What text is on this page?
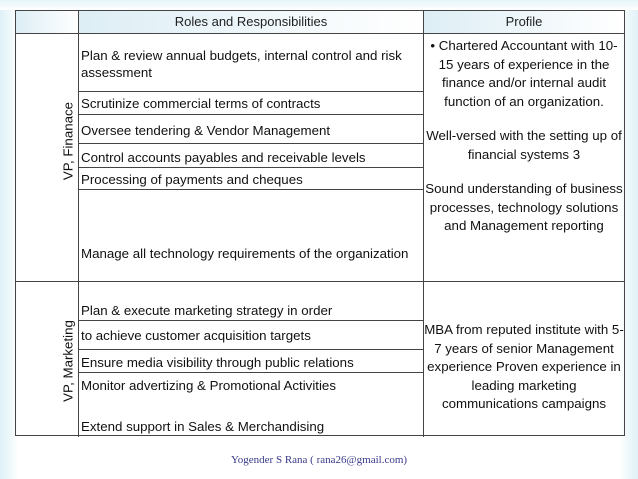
Roles and Responsibilities	Profile
VP, Finanace
Plan & review annual budgets, internal control and risk assessment
Scrutinize commercial terms of contracts
Oversee tendering & Vendor Management
Control accounts payables and receivable levels
Processing of payments and cheques
Manage all technology requirements of the organization

• Chartered Accountant with 10-15 years of experience in the finance and/or internal audit function of an organization.

Well-versed with the setting up of financial systems 3

Sound understanding of business processes, technology solutions and Management reporting

VP, Marketing
Plan & execute marketing strategy in order
to achieve customer acquisition targets
Ensure media visibility through public relations
Monitor advertizing & Promotional Activities
Extend support in Sales & Merchandising

MBA from reputed institute with 5-7 years of senior Management experience Proven experience in leading marketing communications campaigns

Yogender S Rana ( rana26@gmail.com)
